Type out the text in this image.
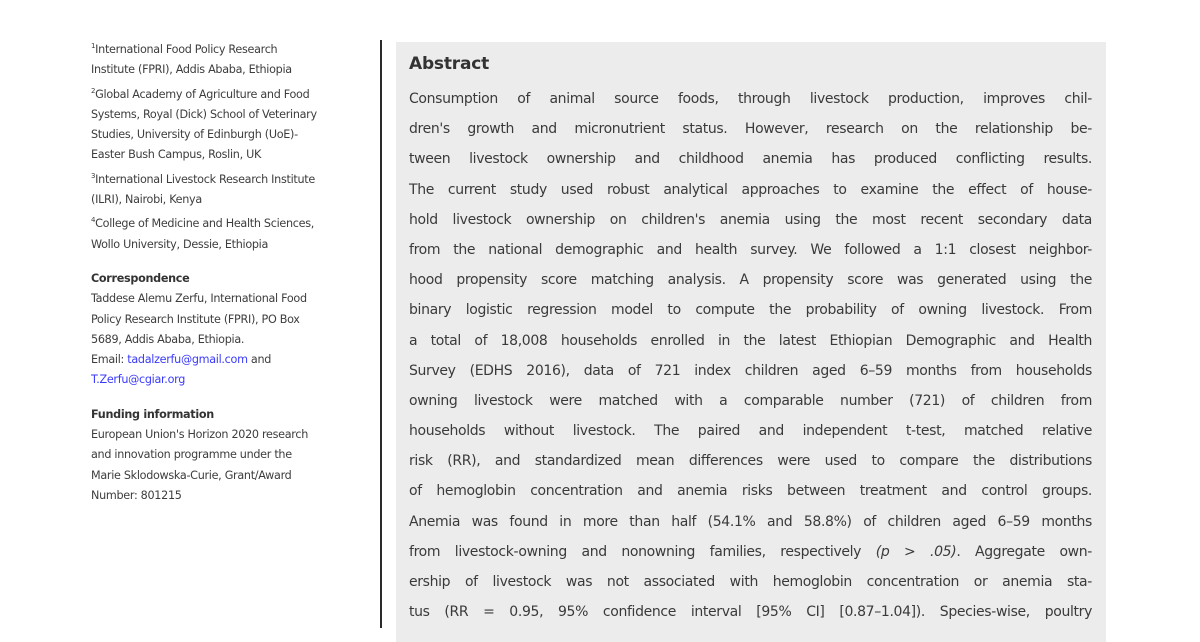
$^1$International Food Policy Research
Institute (FPRI), Addis Ababa, Ethiopia
$^2$Global Academy of Agriculture and Food
Systems, Royal (Dick) School of Veterinary
Studies, University of Edinburgh (UoE)-
Easter Bush Campus, Roslin, UK
$^3$International Livestock Research Institute
(ILRI), Nairobi, Kenya
$^4$College of Medicine and Health Sciences,
Wollo University, Dessie, Ethiopia
Correspondence
Taddese Alemu Zerfu, International Food
Policy Research Institute (FPRI), PO Box
5689, Addis Ababa, Ethiopia.
Email: tadalzerfu@gmail.com and
T.Zerfu@cgiar.org
Funding information
European Union's Horizon 2020 research
and innovation programme under the
Marie Sklodowska-Curie, Grant/Award
Number: 801215
Abstract
Consumption of animal source foods, through livestock production, improves chil-
dren's growth and micronutrient status. However, research on the relationship be-
tween livestock ownership and childhood anemia has produced conflicting results.
The current study used robust analytical approaches to examine the effect of house-
hold livestock ownership on children's anemia using the most recent secondary data
from the national demographic and health survey. We followed a 1:1 closest neighbor-
hood propensity score matching analysis. A propensity score was generated using the
binary logistic regression model to compute the probability of owning livestock. From
a total of 18,008 households enrolled in the latest Ethiopian Demographic and Health
Survey (EDHS 2016), data of 721 index children aged 6–59 months from households
owning livestock were matched with a comparable number (721) of children from
households without livestock. The paired and independent t-test, matched relative
risk (RR), and standardized mean differences were used to compare the distributions
of hemoglobin concentration and anemia risks between treatment and control groups.
Anemia was found in more than half (54.1% and 58.8%) of children aged 6–59 months
from livestock-owning and nonowning families, respectively (p > .05). Aggregate own-
ership of livestock was not associated with hemoglobin concentration or anemia sta-
tus (RR = 0.95, 95% confidence interval [95% CI] [0.87–1.04]). Species-wise, poultry
